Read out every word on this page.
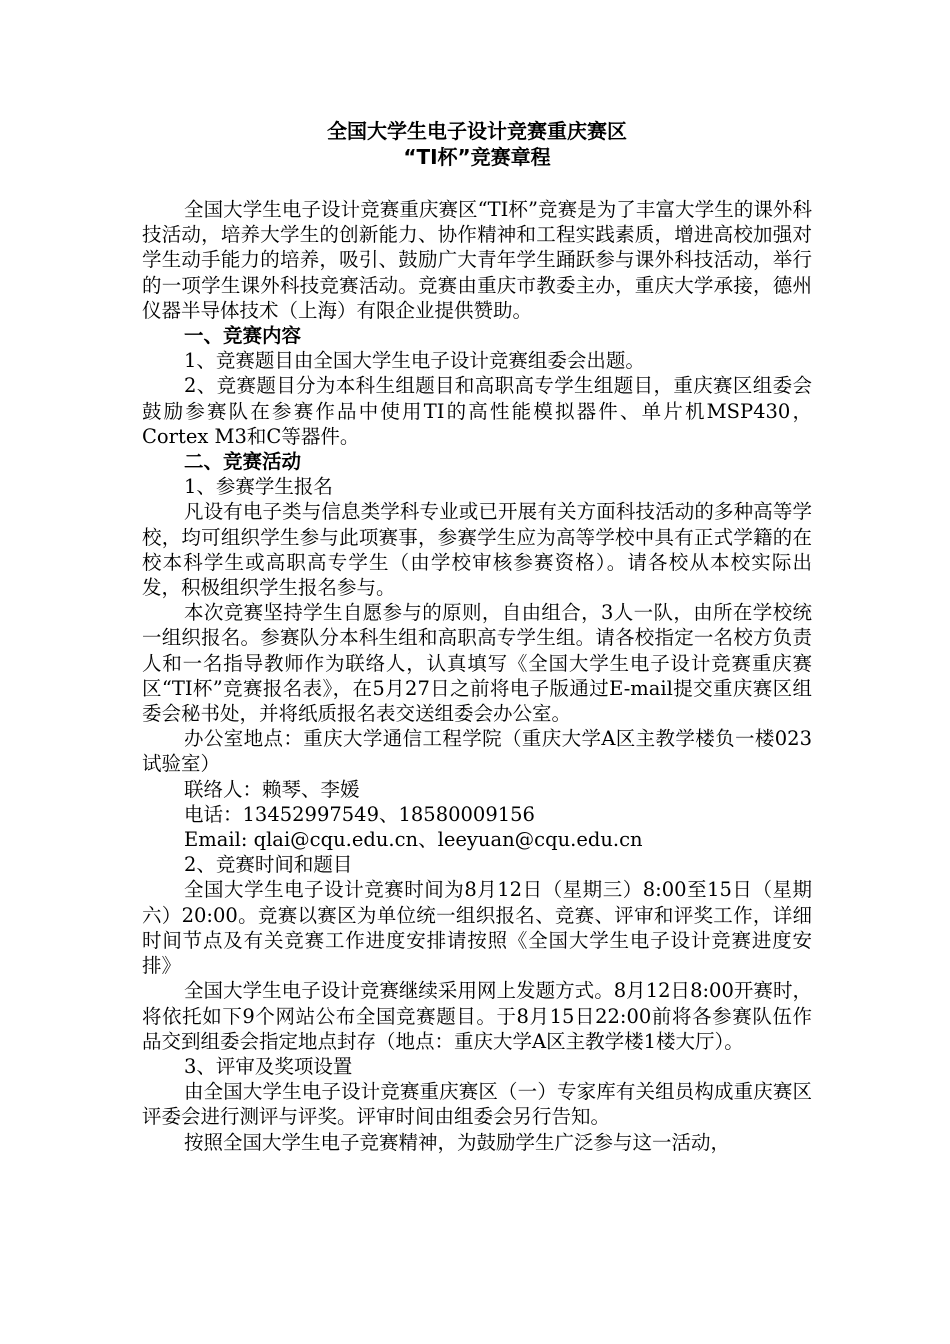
全国大学生电子设计竞赛重庆赛区
“TI杯”竞赛章程

全国大学生电子设计竞赛重庆赛区“TI杯”竞赛是为了丰富大学生的课外科技活动，培养大学生的创新能力、协作精神和工程实践素质，增进高校加强对学生动手能力的培养，吸引、鼓励广大青年学生踊跃参与课外科技活动，举行的一项学生课外科技竞赛活动。竞赛由重庆市教委主办，重庆大学承接，德州仪器半导体技术（上海）有限企业提供赞助。

一、竞赛内容

1、竞赛题目由全国大学生电子设计竞赛组委会出题。

2、竞赛题目分为本科生组题目和高职高专学生组题目，重庆赛区组委会鼓励参赛队在参赛作品中使用TI的高性能模拟器件、单片机MSP430，Cortex M3和C等器件。

二、竞赛活动

1、参赛学生报名

凡设有电子类与信息类学科专业或已开展有关方面科技活动的多种高等学校，均可组织学生参与此项赛事，参赛学生应为高等学校中具有正式学籍的在校本科学生或高职高专学生（由学校审核参赛资格）。请各校从本校实际出发，积极组织学生报名参与。

本次竞赛坚持学生自愿参与的原则，自由组合，3人一队，由所在学校统一组织报名。参赛队分本科生组和高职高专学生组。请各校指定一名校方负责人和一名指导教师作为联络人，认真填写《全国大学生电子设计竞赛重庆赛区“TI杯”竞赛报名表》，在5月27日之前将电子版通过E-mail提交重庆赛区组委会秘书处，并将纸质报名表交送组委会办公室。

办公室地点：重庆大学通信工程学院（重庆大学A区主教学楼负一楼023试验室）

联络人：赖琴、李媛

电话：13452997549、18580009156

Email: qlai@cqu.edu.cn、leeyuan@cqu.edu.cn

2、竞赛时间和题目

全国大学生电子设计竞赛时间为8月12日（星期三）8:00至15日（星期六）20:00。竞赛以赛区为单位统一组织报名、竞赛、评审和评奖工作，详细时间节点及有关竞赛工作进度安排请按照《全国大学生电子设计竞赛进度安排》

全国大学生电子设计竞赛继续采用网上发题方式。8月12日8:00开赛时，将依托如下9个网站公布全国竞赛题目。于8月15日22:00前将各参赛队伍作品交到组委会指定地点封存（地点：重庆大学A区主教学楼1楼大厅）。

3、评审及奖项设置

由全国大学生电子设计竞赛重庆赛区（一）专家库有关组员构成重庆赛区评委会进行测评与评奖。评审时间由组委会另行告知。

按照全国大学生电子竞赛精神，为鼓励学生广泛参与这一活动，
